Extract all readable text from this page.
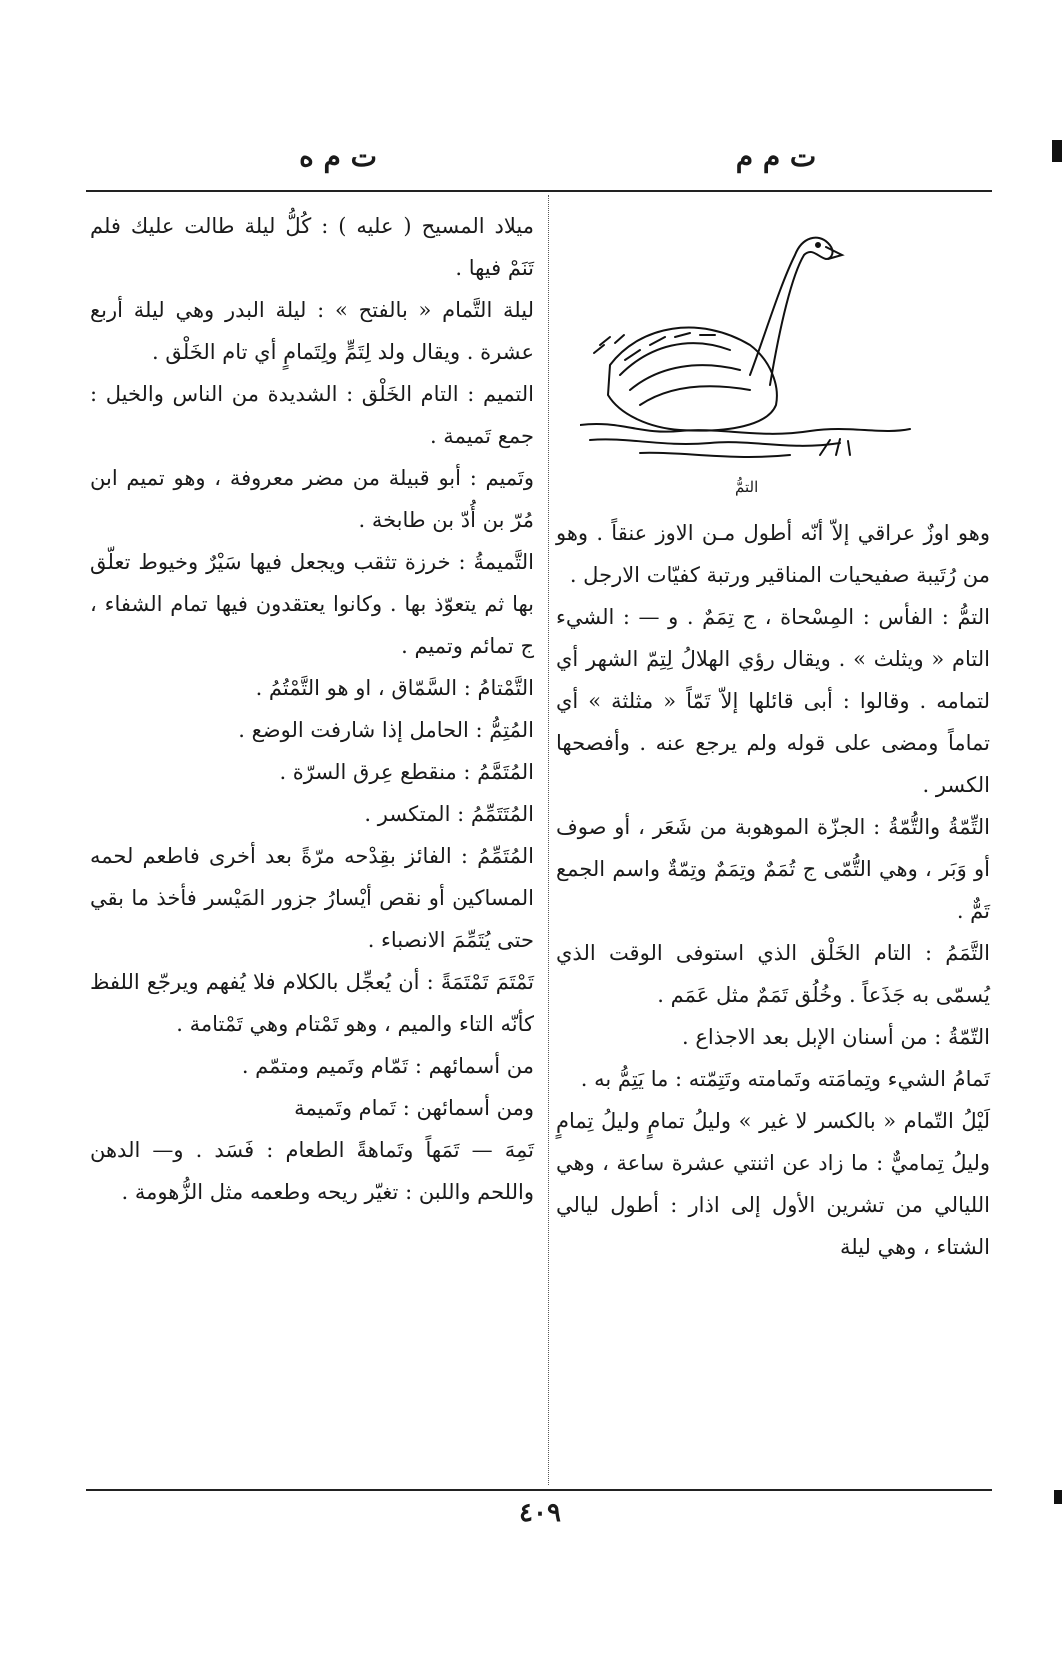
ت م م
ت م ه
التمُّ

وهو اوزٌ عراقي إلاّ أنّه أطول مـن الاوز عنقاً . وهو من رُتَيبة صفيحيات المناقير ورتبة كفيّات الارجل .

التمُّ : الفأس : المِسْحاة ، ج تِمَمٌ . و — : الشيء التام « ويثلث » . ويقال رؤي الهلالُ لِتِمّ الشهر أي لتمامه . وقالوا : أبى قائلها إلاّ تَمّاً « مثلثة » أي تماماً ومضى على قوله ولم يرجع عنه . وأفصحها الكسر .

التِّمّةُ والتُّمّةُ : الجزّة الموهوبة من شَعَر ، أو صوف أو وَبَر ، وهي التُّمّى ج تُمَمٌ وتِمَمٌ وتِمّةٌ واسم الجمع تَمٌّ .

التَّمَمُ : التام الخَلْق الذي استوفى الوقت الذي يُسمّى به جَذَعاً . وخُلُق تَمَمٌ مثل عَمَم .

التّمّةُ : من أسنان الإبل بعد الاجذاع .

تَمامُ الشيء وتِمامَته وتَمامته وتَتِمّته : ما يَتِمُّ به .

لَيْلُ التّمام « بالكسر لا غير » وليلُ تمامٍ وليلُ تِمامٍ وليلُ تِماميٌّ : ما زاد عن اثنتي عشرة ساعة ، وهي الليالي من تشرين الأول إلى اذار : أطول ليالي الشتاء ، وهي ليلة

ميلاد المسيح ( عليه ) : كُلُّ ليلة طالت عليك فلم تَنَمْ فيها .

ليلة التَّمام « بالفتح » : ليلة البدر وهي ليلة أربع عشرة . ويقال ولد لِتَمٍّ ولِتَمامٍ أي تام الخَلْق .

التميم : التام الخَلْق : الشديدة من الناس والخيل : جمع تَميمة .

وتَميم : أبو قبيلة من مضر معروفة ، وهو تميم ابن مُرّ بن أُدّ بن طابخة .

التَّميمةُ : خرزة تثقب ويجعل فيها سَيْرٌ وخيوط تعلّق بها ثم يتعوّذ بها . وكانوا يعتقدون فيها تمام الشفاء ، ج تمائم وتميم .

التَّمْتامُ : السَّمّاق ، او هو التَّمْتُمُ .

المُتِمُّ : الحامل إذا شارفت الوضع .

المُتَمَّمُ : منقطع عِرق السرّة .

المُتَتَمِّمُ : المتكسر .

المُتَمِّمُ : الفائز بقِدْحه مرّةً بعد أخرى فاطعم لحمه المساكين أو نقص أيْسارُ جزور المَيْسر فأخذ ما بقي حتى يُتَمِّمَ الانصباء .

تَمْتَمَ تَمْتَمَةً : أن يُعجِّل بالكلام فلا يُفهم ويرجّع اللفظ كأنّه التاء والميم ، وهو تَمْتام وهي تَمْتامة .

من أسمائهم : تَمّام وتَميم ومتمّم .

ومن أسمائهن : تَمام وتَميمة

تَمِهَ — تَمَهاً وتَماهةً الطعام : فَسَد . و— الدهن واللحم واللبن : تغيّر ريحه وطعمه مثل الزُّهومة .

٤٠٩
